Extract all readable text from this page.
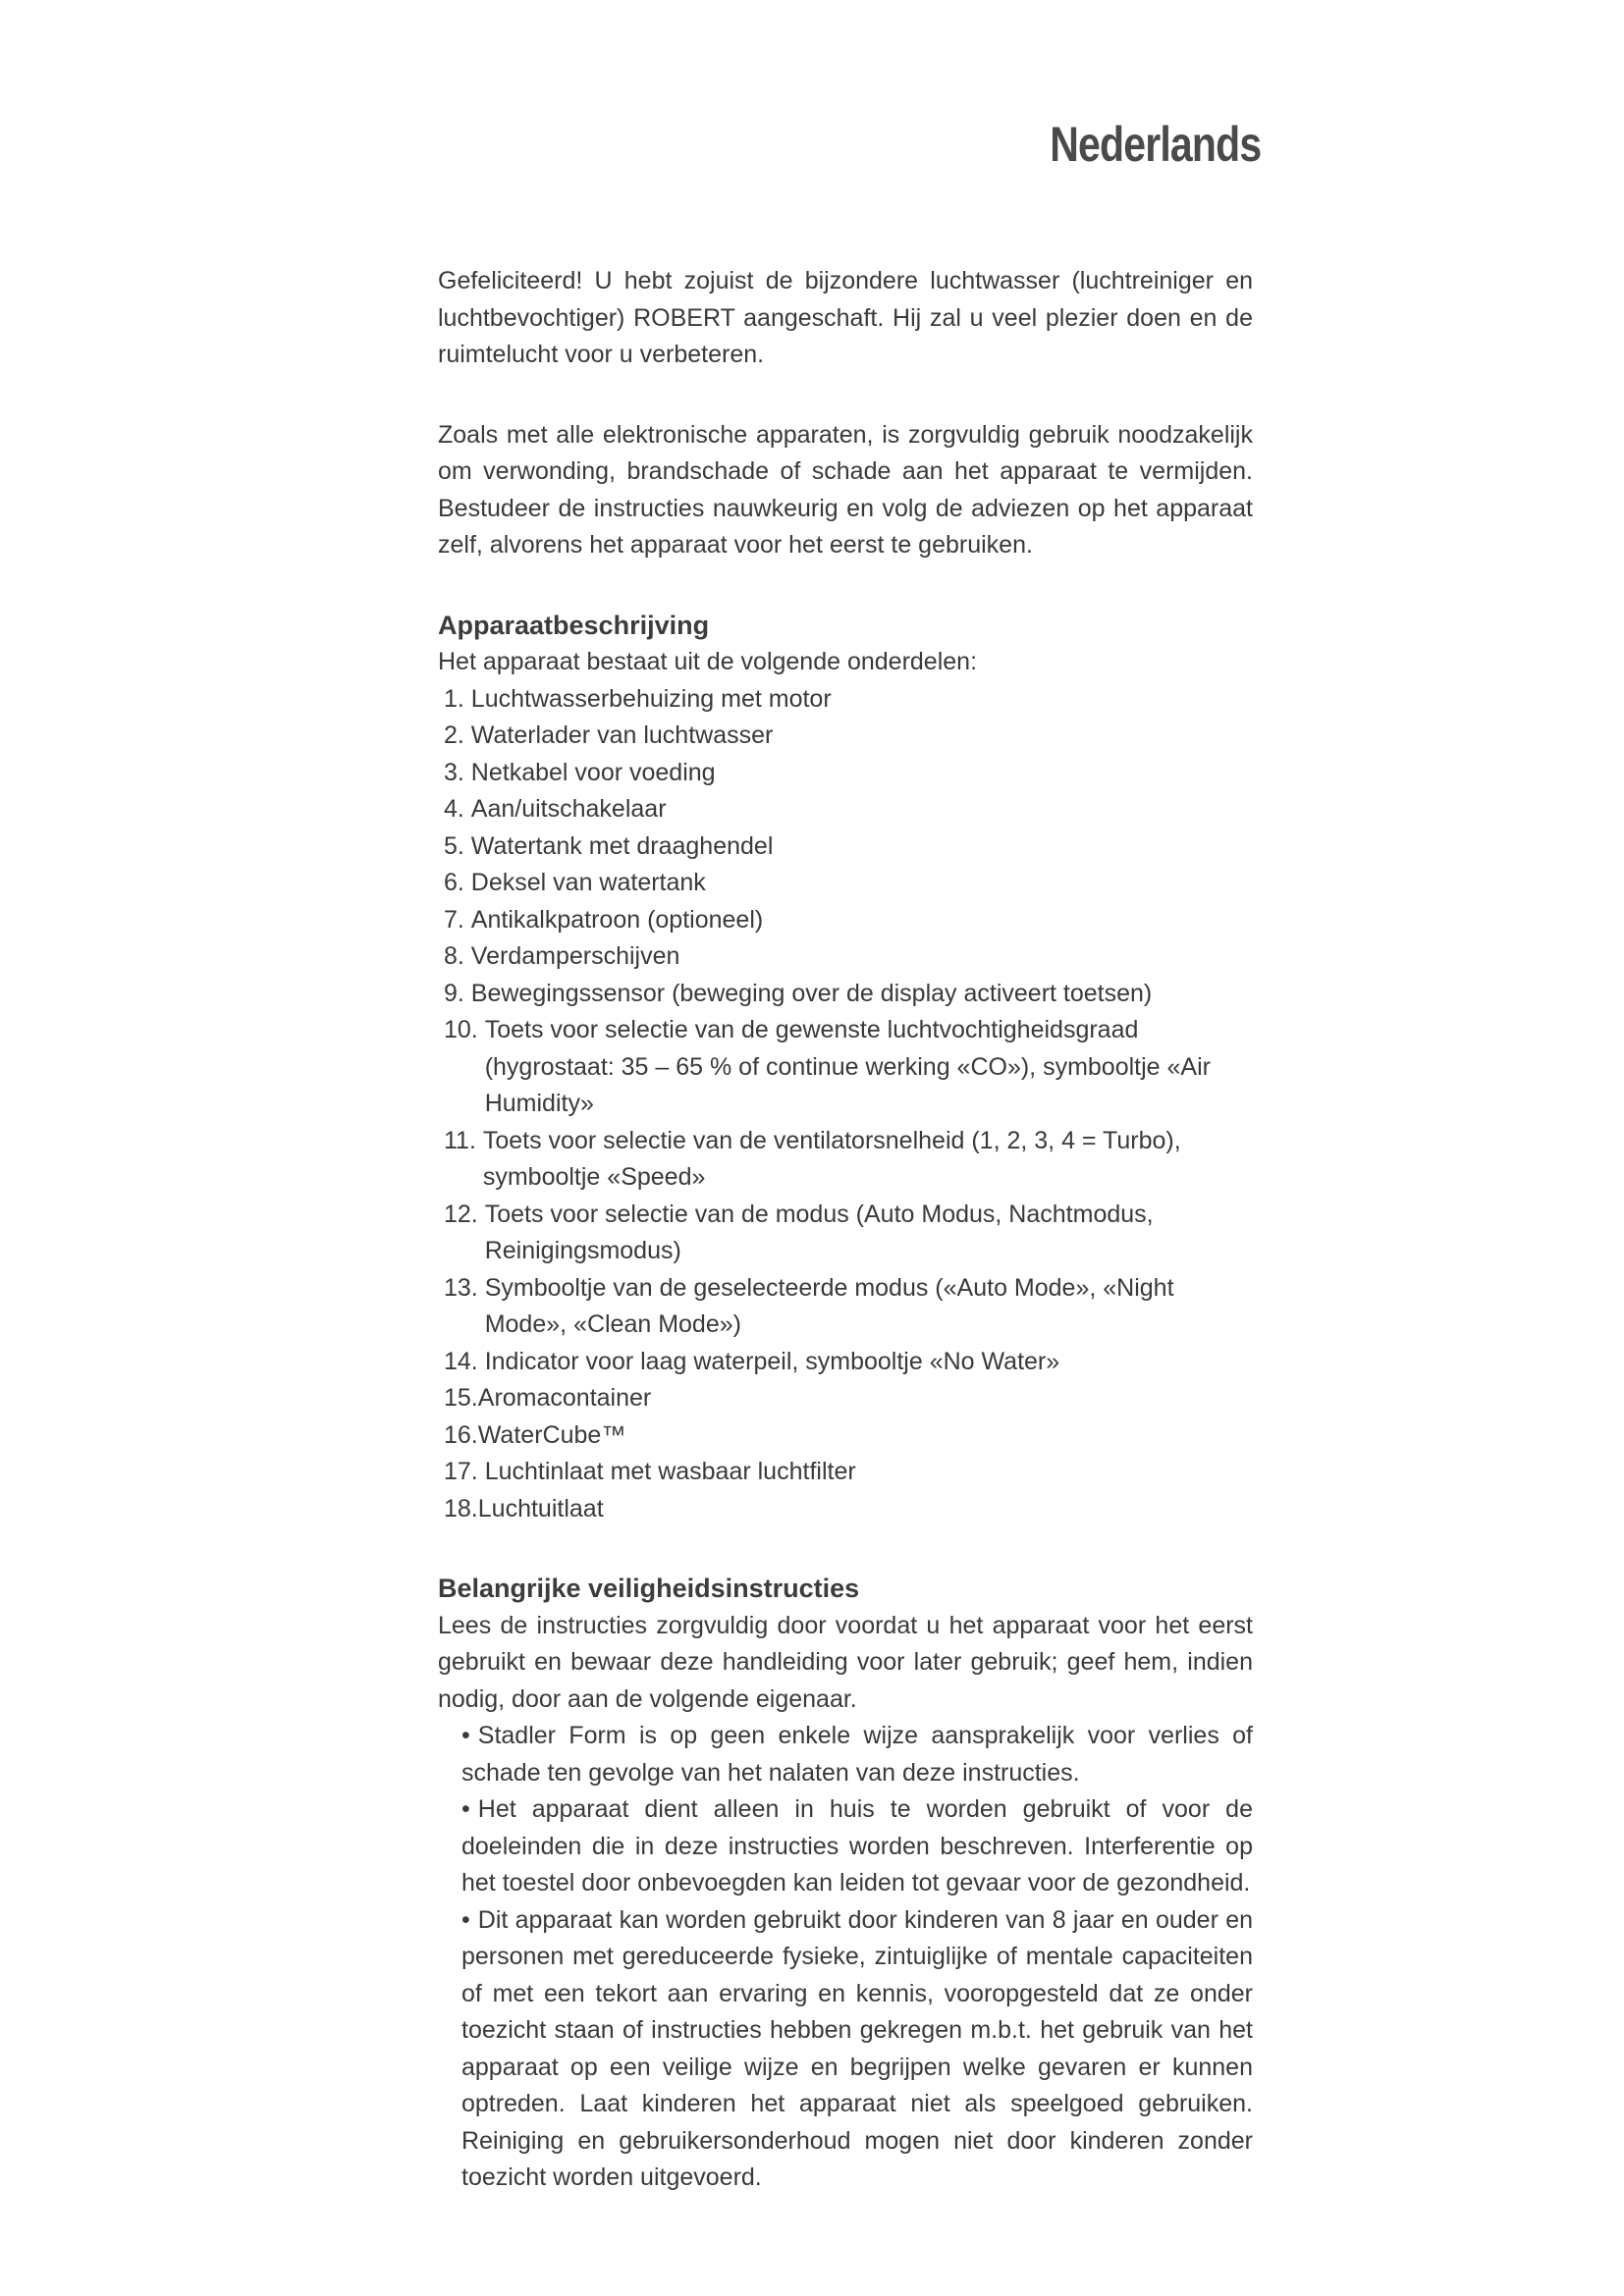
Nederlands

Gefeliciteerd! U hebt zojuist de bijzondere luchtwasser (luchtreiniger en luchtbevochtiger) ROBERT aangeschaft. Hij zal u veel plezier doen en de ruimtelucht voor u verbeteren.

Zoals met alle elektronische apparaten, is zorgvuldig gebruik noodzakelijk om verwonding, brandschade of schade aan het apparaat te vermijden. Bestudeer de instructies nauwkeurig en volg de adviezen op het apparaat zelf, alvorens het apparaat voor het eerst te gebruiken.

Apparaatbeschrijving

Het apparaat bestaat uit de volgende onderdelen:

1. Luchtwasserbehuizing met motor
2. Waterlader van luchtwasser
3. Netkabel voor voeding
4. Aan/uitschakelaar
5. Watertank met draaghendel
6. Deksel van watertank
7. Antikalkpatroon (optioneel)
8. Verdamperschijven
9. Bewegingssensor (beweging over de display activeert toetsen)
10. Toets voor selectie van de gewenste luchtvochtigheidsgraad (hygrostaat: 35 – 65 % of continue werking «CO»), symbooltje «Air Humidity»
11. Toets voor selectie van de ventilatorsnelheid (1, 2, 3, 4 = Turbo), symbooltje «Speed»
12. Toets voor selectie van de modus (Auto Modus, Nachtmodus, Reinigingsmodus)
13. Symbooltje van de geselecteerde modus («Auto Mode», «Night Mode», «Clean Mode»)
14. Indicator voor laag waterpeil, symbooltje «No Water»
15. Aromacontainer
16. WaterCube™
17. Luchtinlaat met wasbaar luchtfilter
18. Luchtuitlaat
Belangrijke veiligheidsinstructies

Lees de instructies zorgvuldig door voordat u het apparaat voor het eerst gebruikt en bewaar deze handleiding voor later gebruik; geef hem, indien nodig, door aan de volgende eigenaar.

• Stadler Form is op geen enkele wijze aansprakelijk voor verlies of schade ten gevolge van het nalaten van deze instructies.
• Het apparaat dient alleen in huis te worden gebruikt of voor de doeleinden die in deze instructies worden beschreven. Interferentie op het toestel door onbevoegden kan leiden tot gevaar voor de gezondheid.
• Dit apparaat kan worden gebruikt door kinderen van 8 jaar en ouder en personen met gereduceerde fysieke, zintuiglijke of mentale capaciteiten of met een tekort aan ervaring en kennis, vooropgesteld dat ze onder toezicht staan of instructies hebben gekregen m.b.t. het gebruik van het apparaat op een veilige wijze en begrijpen welke gevaren er kunnen optreden. Laat kinderen het apparaat niet als speelgoed gebruiken. Reiniging en gebruikersonderhoud mogen niet door kinderen zonder toezicht worden uitgevoerd.
